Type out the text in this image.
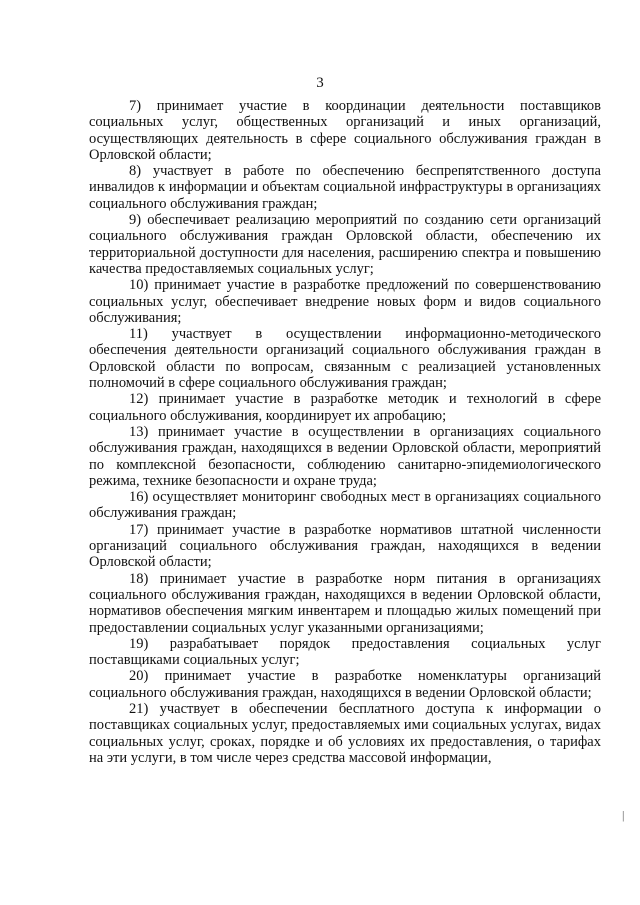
3

7) принимает участие в координации деятельности поставщиков социальных услуг, общественных организаций и иных организаций, осуществляющих деятельность в сфере социального обслуживания граждан в Орловской области;

8) участвует в работе по обеспечению беспрепятственного доступа инвалидов к информации и объектам социальной инфраструктуры в организациях социального обслуживания граждан;

9) обеспечивает реализацию мероприятий по созданию сети организаций социального обслуживания граждан Орловской области, обеспечению их территориальной доступности для населения, расширению спектра и повышению качества предоставляемых социальных услуг;

10) принимает участие в разработке предложений по совершенствованию социальных услуг, обеспечивает внедрение новых форм и видов социального обслуживания;

11) участвует в осуществлении информационно-методического обеспечения деятельности организаций социального обслуживания граждан в Орловской области по вопросам, связанным с реализацией установленных полномочий в сфере социального обслуживания граждан;

12) принимает участие в разработке методик и технологий в сфере социального обслуживания, координирует их апробацию;

13) принимает участие в осуществлении в организациях социального обслуживания граждан, находящихся в ведении Орловской области, мероприятий по комплексной безопасности, соблюдению санитарно-эпидемиологического режима, технике безопасности и охране труда;

16) осуществляет мониторинг свободных мест в организациях социального обслуживания граждан;

17) принимает участие в разработке нормативов штатной численности организаций социального обслуживания граждан, находящихся в ведении Орловской области;

18) принимает участие в разработке норм питания в организациях социального обслуживания граждан, находящихся в ведении Орловской области, нормативов обеспечения мягким инвентарем и площадью жилых помещений при предоставлении социальных услуг указанными организациями;

19) разрабатывает порядок предоставления социальных услуг поставщиками социальных услуг;

20) принимает участие в разработке номенклатуры организаций социального обслуживания граждан, находящихся в ведении Орловской области;

21) участвует в обеспечении бесплатного доступа к информации о поставщиках социальных услуг, предоставляемых ими социальных услугах, видах социальных услуг, сроках, порядке и об условиях их предоставления, о тарифах на эти услуги, в том числе через средства массовой информации,

|
